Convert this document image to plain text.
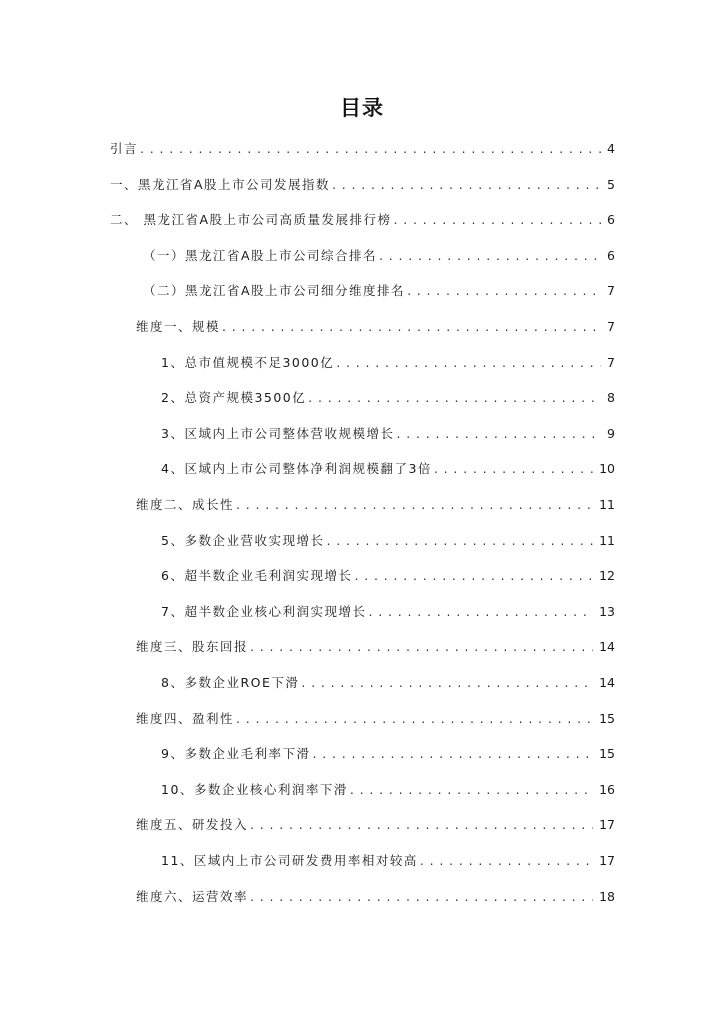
目录
引言 . . .	4
一、黑龙江省A股上市公司发展指数 . . .	5
二、 黑龙江省A股上市公司高质量发展排行榜 . . .	6
（一）黑龙江省A股上市公司综合排名 . . .	6
（二）黑龙江省A股上市公司细分维度排名 . . .	7
维度一、规模 . . .	7
1、总市值规模不足3000亿 . . .	7
2、总资产规模3500亿 . . .	8
3、区域内上市公司整体营收规模增长 . . .	9
4、区域内上市公司整体净利润规模翻了3倍 . . .	10
维度二、成长性 . . .	11
5、多数企业营收实现增长 . . .	11
6、超半数企业毛利润实现增长 . . .	12
7、超半数企业核心利润实现增长 . . .	13
维度三、股东回报 . . .	14
8、多数企业ROE下滑 . . .	14
维度四、盈利性 . . .	15
9、多数企业毛利率下滑 . . .	15
10、多数企业核心利润率下滑 . . .	16
维度五、研发投入 . . .	17
11、区域内上市公司研发费用率相对较高 . . .	17
维度六、运营效率 . . .	18
